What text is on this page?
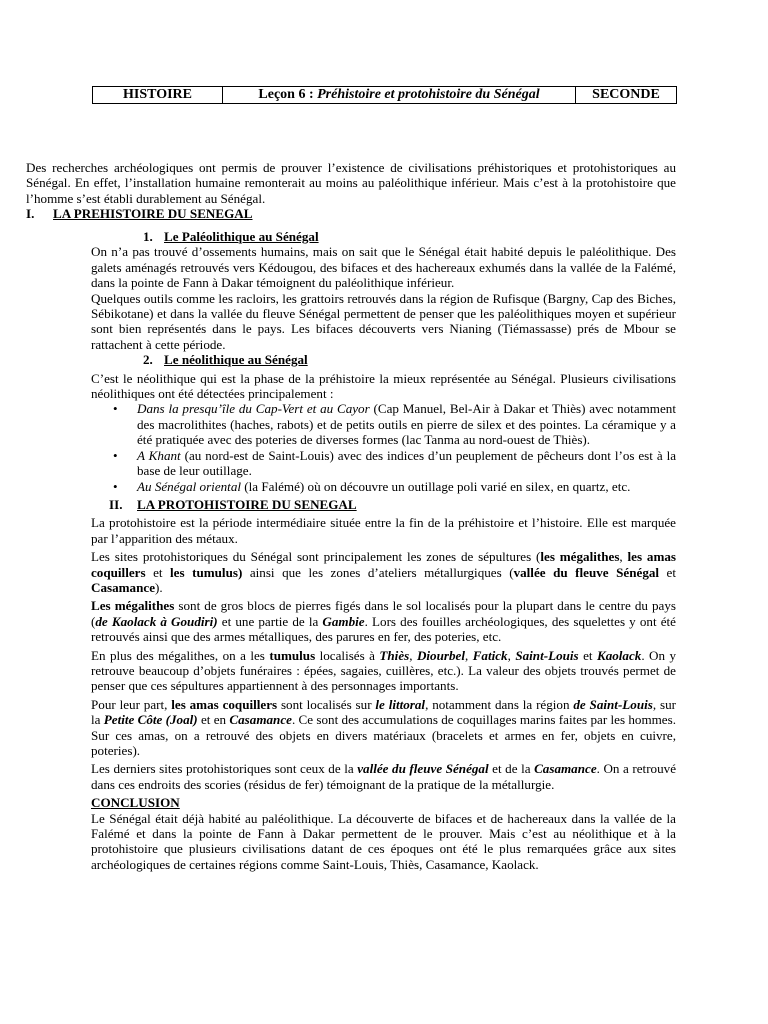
HISTOIRE	Leçon 6 : Préhistoire et protohistoire du Sénégal	SECONDE

Des recherches archéologiques ont permis de prouver l’existence de civilisations préhistoriques et protohistoriques au Sénégal. En effet, l’installation humaine remonterait au moins au paléolithique inférieur. Mais c’est à la protohistoire que l’homme s’est établi durablement au Sénégal.

I. LA PREHISTOIRE DU SENEGAL

1. Le Paléolithique au Sénégal

On n’a pas trouvé d’ossements humains, mais on sait que le Sénégal était habité depuis le paléolithique. Des galets aménagés retrouvés vers Kédougou, des bifaces et des hachereaux exhumés dans la vallée de la Falémé, dans la pointe de Fann à Dakar témoignent du paléolithique inférieur.

Quelques outils comme les racloirs, les grattoirs retrouvés dans la région de Rufisque (Bargny, Cap des Biches, Sébikotane) et dans la vallée du fleuve Sénégal permettent de penser que les paléolithiques moyen et supérieur sont bien représentés dans le pays. Les bifaces découverts vers Nianing (Tiémassasse) prés de Mbour se rattachent à cette période.

2. Le néolithique au Sénégal

C’est le néolithique qui est la phase de la préhistoire la mieux représentée au Sénégal. Plusieurs civilisations néolithiques ont été détectées principalement :

• Dans la presqu’île du Cap-Vert et au Cayor (Cap Manuel, Bel-Air à Dakar et Thiès) avec notamment des macrolithites (haches, rabots) et de petits outils en pierre de silex et des pointes. La céramique y a été pratiquée avec des poteries de diverses formes (lac Tanma au nord-ouest de Thiès).
• A Khant (au nord-est de Saint-Louis) avec des indices d’un peuplement de pêcheurs dont l’os est à la base de leur outillage.
• Au Sénégal oriental (la Falémé) où on découvre un outillage poli varié en silex, en quartz, etc.

II. LA PROTOHISTOIRE DU SENEGAL

La protohistoire est la période intermédiaire située entre la fin de la préhistoire et l’histoire. Elle est marquée par l’apparition des métaux.

Les sites protohistoriques du Sénégal sont principalement les zones de sépultures (les mégalithes, les amas coquillers et les tumulus) ainsi que les zones d’ateliers métallurgiques (vallée du fleuve Sénégal et Casamance).

Les mégalithes sont de gros blocs de pierres figés dans le sol localisés pour la plupart dans le centre du pays (de Kaolack à Goudiri) et une partie de la Gambie. Lors des fouilles archéologiques, des squelettes y ont été retrouvés ainsi que des armes métalliques, des parures en fer, des poteries, etc.

En plus des mégalithes, on a les tumulus localisés à Thiès, Diourbel, Fatick, Saint-Louis et Kaolack. On y retrouve beaucoup d’objets funéraires : épées, sagaies, cuillères, etc.). La valeur des objets trouvés permet de penser que ces sépultures appartiennent à des personnages importants.

Pour leur part, les amas coquillers sont localisés sur le littoral, notamment dans la région de Saint-Louis, sur la Petite Côte (Joal) et en Casamance. Ce sont des accumulations de coquillages marins faites par les hommes. Sur ces amas, on a retrouvé des objets en divers matériaux (bracelets et armes en fer, objets en cuivre, poteries).

Les derniers sites protohistoriques sont ceux de la vallée du fleuve Sénégal et de la Casamance. On a retrouvé dans ces endroits des scories (résidus de fer) témoignant de la pratique de la métallurgie.

CONCLUSION

Le Sénégal était déjà habité au paléolithique. La découverte de bifaces et de hachereaux dans la vallée de la Falémé et dans la pointe de Fann à Dakar permettent de le prouver. Mais c’est au néolithique et à la protohistoire que plusieurs civilisations datant de ces époques ont été le plus remarquées grâce aux sites archéologiques de certaines régions comme Saint-Louis, Thiès, Casamance, Kaolack.
